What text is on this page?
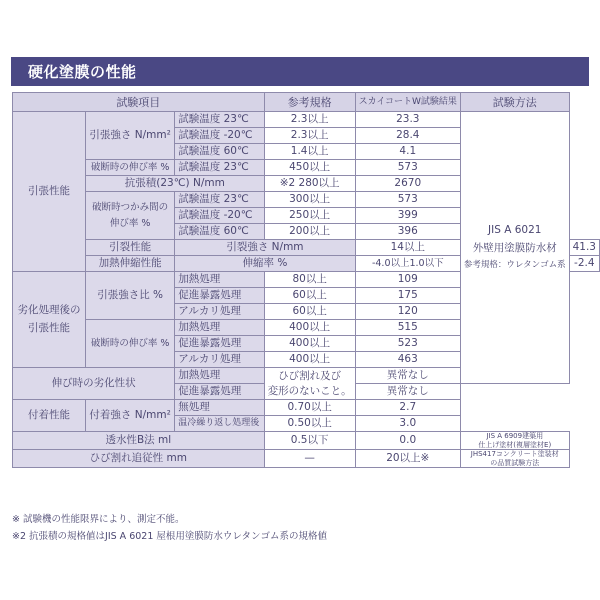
硬化塗膜の性能
試験項目			参考規格	スカイコートW試験結果	試験方法	
引張性能	引張強さ N/mm²	試験温度 23℃	2.3以上	23.3	JIS A 6021
外壁用塗膜防水材
参考規格：ウレタンゴム系	

		試験温度 -20℃	2.3以上	28.4		
		試験温度 60℃	1.4以上	4.1		
	破断時の伸び率 %	試験温度 23℃	450以上	573		
	抗張積(23℃) N/mm		※2 280以上	2670		
	破断時つかみ間の伸び率 %	試験温度 23℃	300以上	573		
		試験温度 -20℃	250以上	399		
		試験温度 60℃	200以上	396		
	引裂性能	引裂強さ N/mm		14以上		41.3
	加熱伸縮性能	伸縮率 %		-4.0以上1.0以下		-2.4

劣化処理後の
引張性能	引張強さ比 %	加熱処理	80以上	109		
		促進暴露処理	60以上	175		
		アルカリ処理	60以上	120		
	破断時の伸び率 %	加熱処理	400以上	515		
		促進暴露処理	400以上	523		
		アルカリ処理	400以上	463		
伸び時の劣化性状		加熱処理	ひび割れ及び	異常なし		
		促進暴露処理	変形のないこと。	異常なし		
付着性能	付着強さ N/mm²	無処理	0.70以上	2.7		
		温冷繰り返し処理後	0.50以上	3.0		
透水性B法 ml			0.5以下	0.0	JIS A 6909建築用
仕上げ塗材(複層塗材E)	

ひび割れ追従性 mm			—	20以上※	JHS417コンクリート塗装材
の品質試験方法	
※ 試験機の性能限界により、測定不能。
※2 抗張積の規格値はJIS A 6021 屋根用塗膜防水ウレタンゴム系の規格値
